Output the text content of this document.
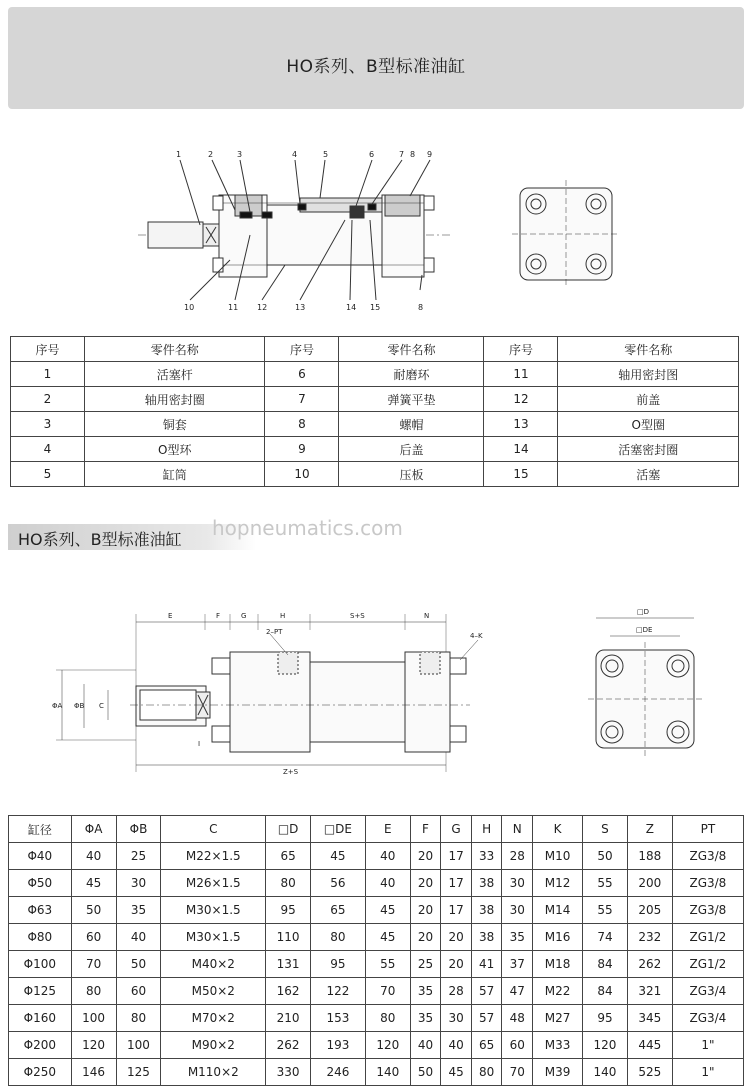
HO系列、B型标准油缸
1	2	3	4	5	6	7 8 9
10	11 12	13	14 15	8
序号	零件名称	序号	零件名称	序号	零件名称
1	活塞杆	6	耐磨环	11	轴用密封图
2	轴用密封圈	7	弹簧平垫	12	前盖
3	铜套	8	螺帽	13	O型圈
4	O型环	9	后盖	14	活塞密封圈
5	缸筒	10	压板	15	活塞
HO系列、B型标准油缸 hopneumatics.com
E	F	G	H	S+S	N
2–PT	4–K
ΦA ΦB C
I
Z+S
□D
□DE
缸径	ΦA	ΦB	C	□D	□DE	E	F	G	H	N	K	S	Z	PT
Φ40	40	25	M22×1.5	65	45	40	20	17	33	28	M10	50	188	ZG3/8
Φ50	45	30	M26×1.5	80	56	40	20	17	38	30	M12	55	200	ZG3/8
Φ63	50	35	M30×1.5	95	65	45	20	17	38	30	M14	55	205	ZG3/8
Φ80	60	40	M30×1.5	110	80	45	20	20	38	35	M16	74	232	ZG1/2
Φ100	70	50	M40×2	131	95	55	25	20	41	37	M18	84	262	ZG1/2
Φ125	80	60	M50×2	162	122	70	35	28	57	47	M22	84	321	ZG3/4
Φ160	100	80	M70×2	210	153	80	35	30	57	48	M27	95	345	ZG3/4
Φ200	120	100	M90×2	262	193	120	40	40	65	60	M33	120	445	1"
Φ250	146	125	M110×2	330	246	140	50	45	80	70	M39	140	525	1"
